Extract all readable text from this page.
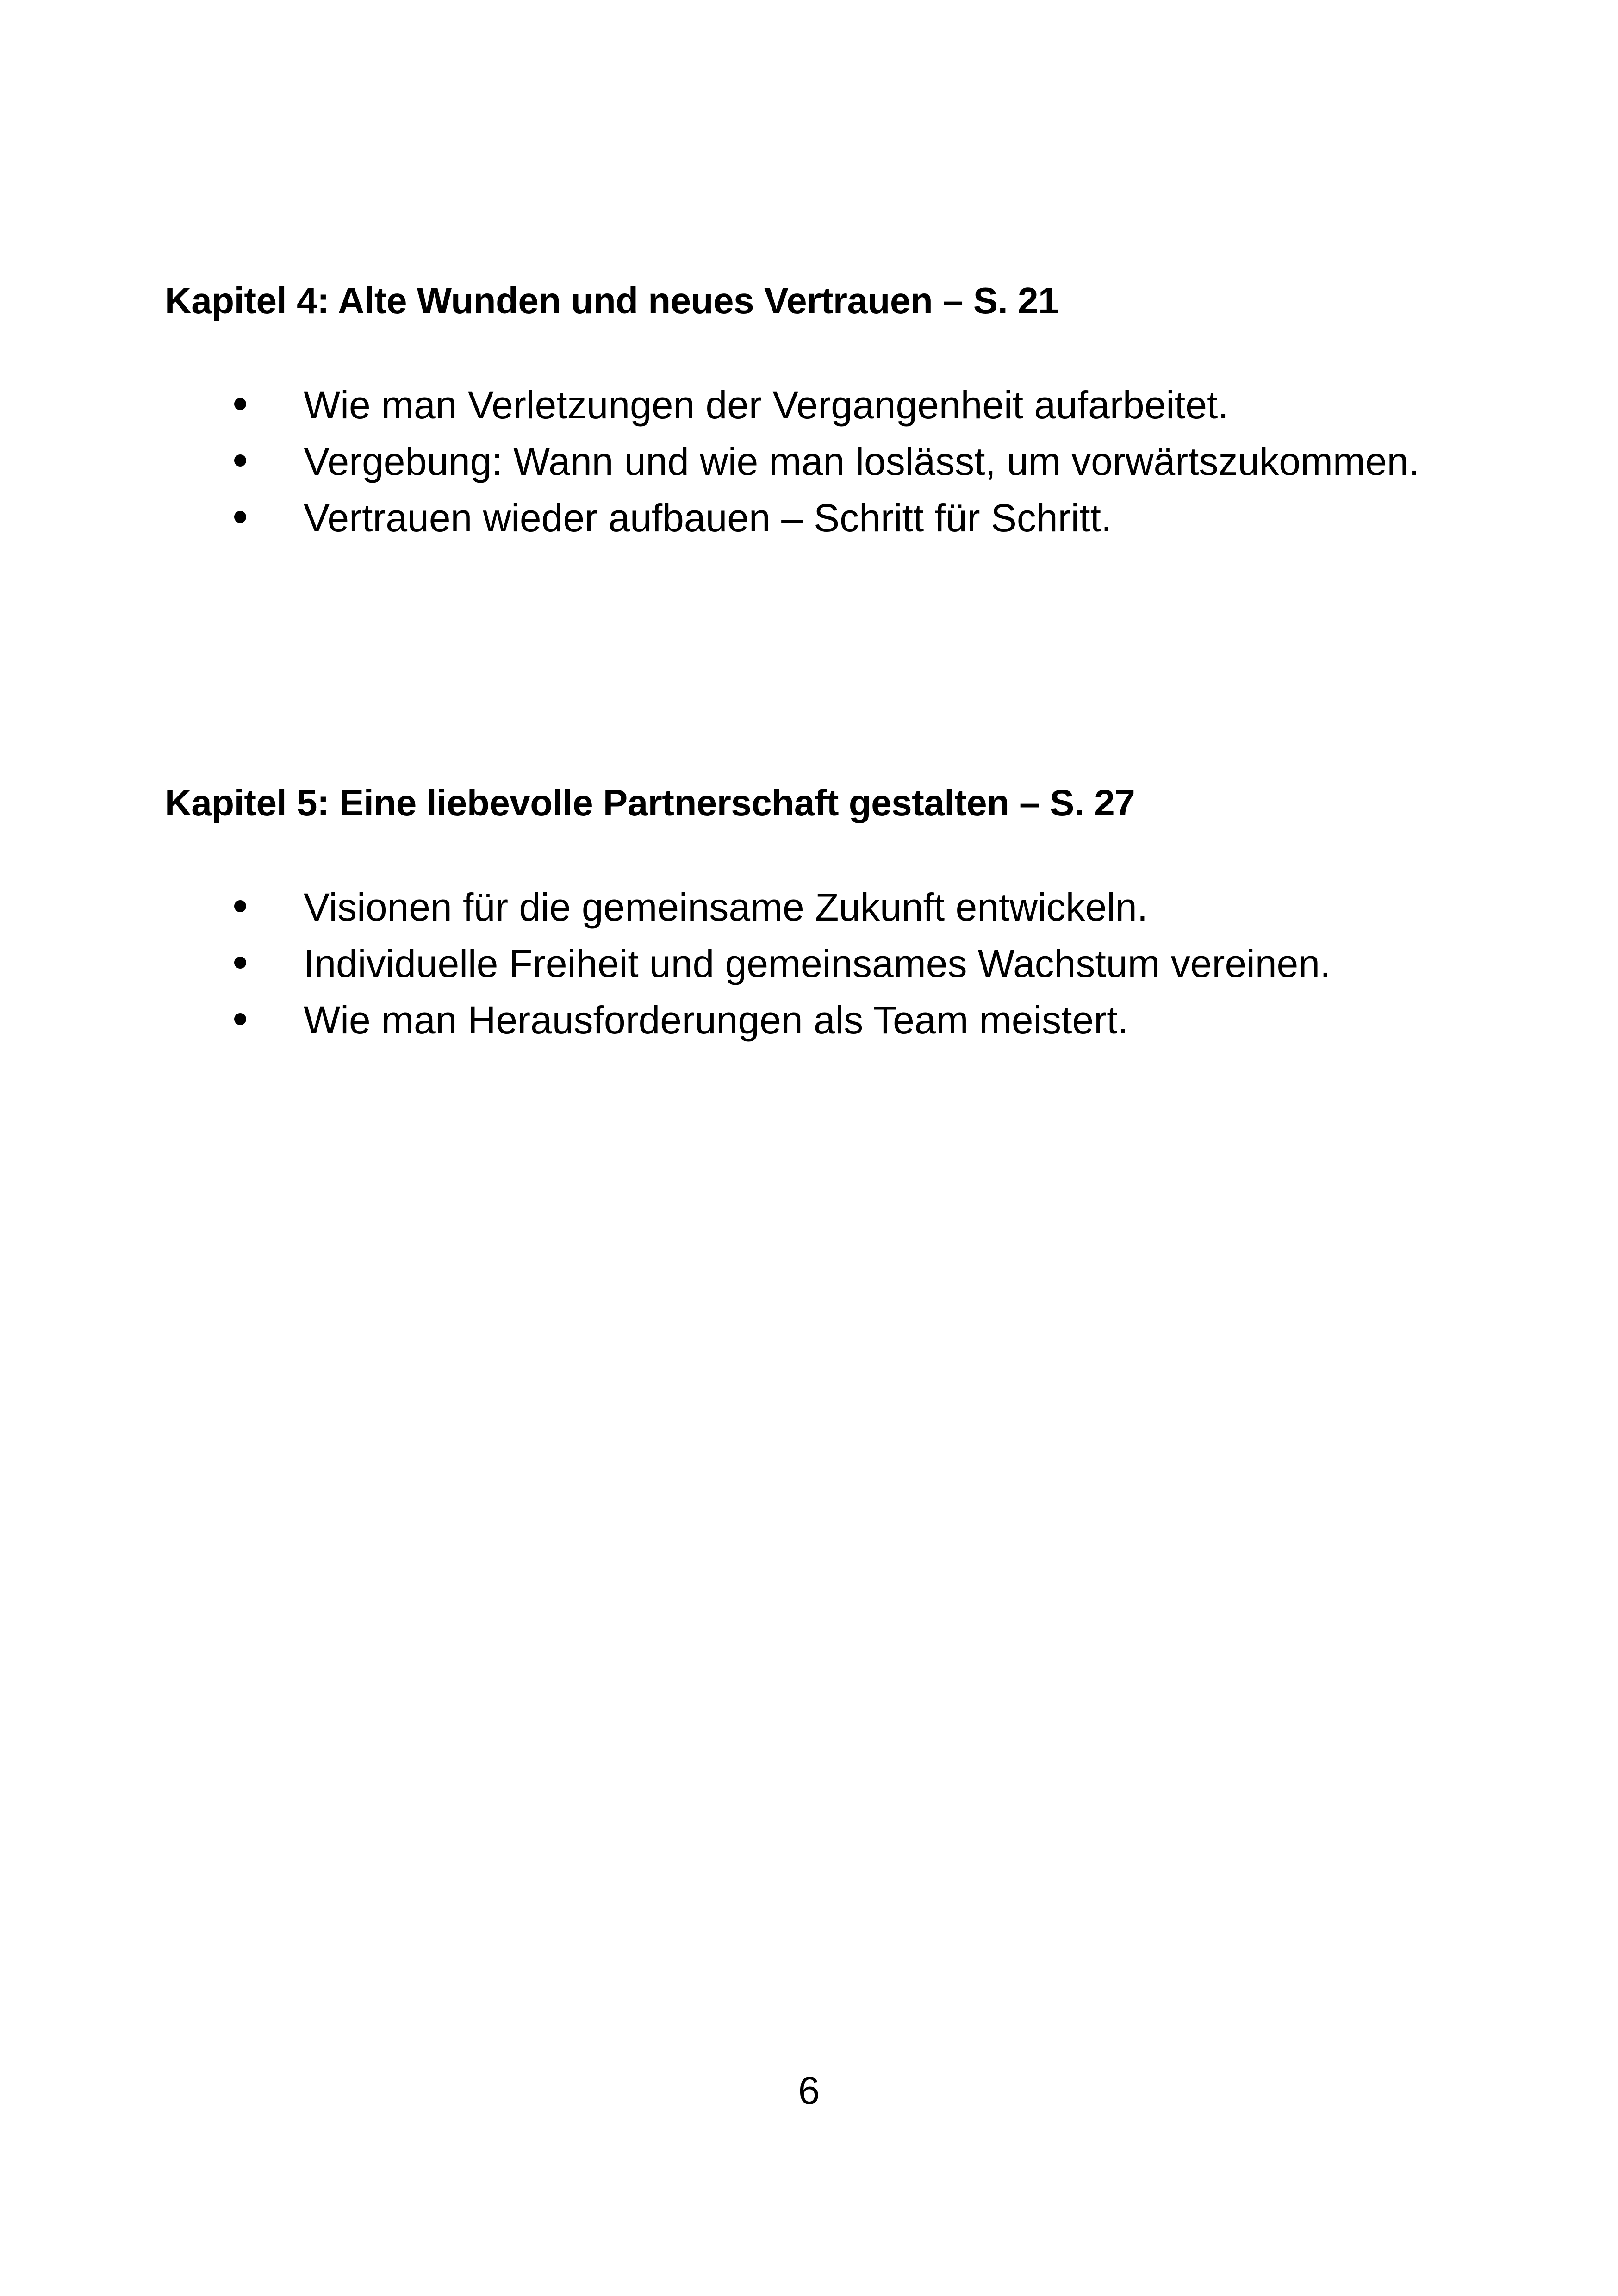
Kapitel 4: Alte Wunden und neues Vertrauen – S. 21
Wie man Verletzungen der Vergangenheit aufarbeitet.
Vergebung: Wann und wie man loslässt, um vorwärtszukommen.
Vertrauen wieder aufbauen – Schritt für Schritt.
Kapitel 5: Eine liebevolle Partnerschaft gestalten – S. 27
Visionen für die gemeinsame Zukunft entwickeln.
Individuelle Freiheit und gemeinsames Wachstum vereinen.
Wie man Herausforderungen als Team meistert.
6
